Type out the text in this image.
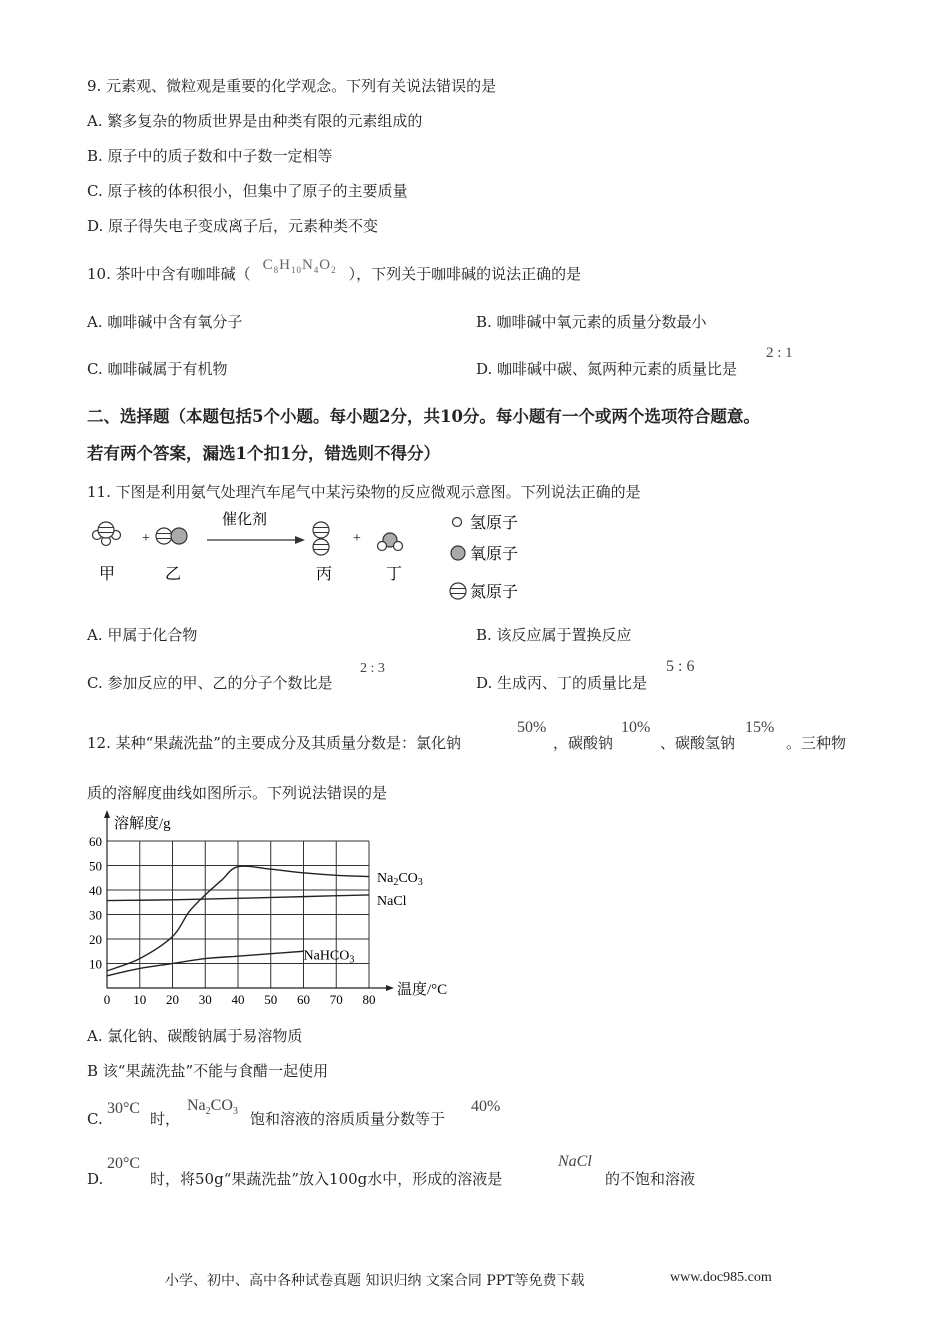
9. 元素观、微粒观是重要的化学观念。下列有关说法错误的是
A. 繁多复杂的物质世界是由种类有限的元素组成的
B. 原子中的质子数和中子数一定相等
C. 原子核的体积很小，但集中了原子的主要质量
D. 原子得失电子变成离子后，元素种类不变
10. 茶叶中含有咖啡碱（ $C_8H_{10}N_4O_2$ ），下列关于咖啡碱的说法正确的是
A. 咖啡碱中含有氧分子	B. 咖啡碱中氧元素的质量分数最小
C. 咖啡碱属于有机物	D. 咖啡碱中碳、氮两种元素的质量比是
2 : 1
二、选择题（本题包括5个小题。每小题2分，共10分。每小题有一个或两个选项符合题意。
若有两个答案，漏选1个扣1分，错选则不得分）
11. 下图是利用氨气处理汽车尾气中某污染物的反应微观示意图。下列说法正确的是
+
催化剂
+
甲	乙	丙	丁
氢原子
氧原子
氮原子
A. 甲属于化合物	B. 该反应属于置换反应
C. 参加反应的甲、乙的分子个数比是
2 : 3
D. 生成丙、丁的质量比是
5 : 6
12. 某种“果蔬洗盐”的主要成分及其质量分数是：氯化钠
50%
，碳酸钠
10%
、碳酸氢钠
15%
。三种物
质的溶解度曲线如图所示。下列说法错误的是
0 10 20 30 40 50 60 70 80
10
20
30
40
50
60
溶解度/g
温度/°C
$Na_2CO_3$
NaCl
NaHCO$_3$
A. 氯化钠、碳酸钠属于易溶物质
B 该“果蔬洗盐”不能与食醋一起使用
C.
30°C
时，
$Na_2CO_3$ 饱和溶液的溶质质量分数等于
40%
D.
20°C
时，将50g“果蔬洗盐”放入100g水中，形成的溶液是
NaCl
的不饱和溶液
小学、初中、高中各种试卷真题 知识归纳 文案合同 PPT等免费下载	www.doc985.com
